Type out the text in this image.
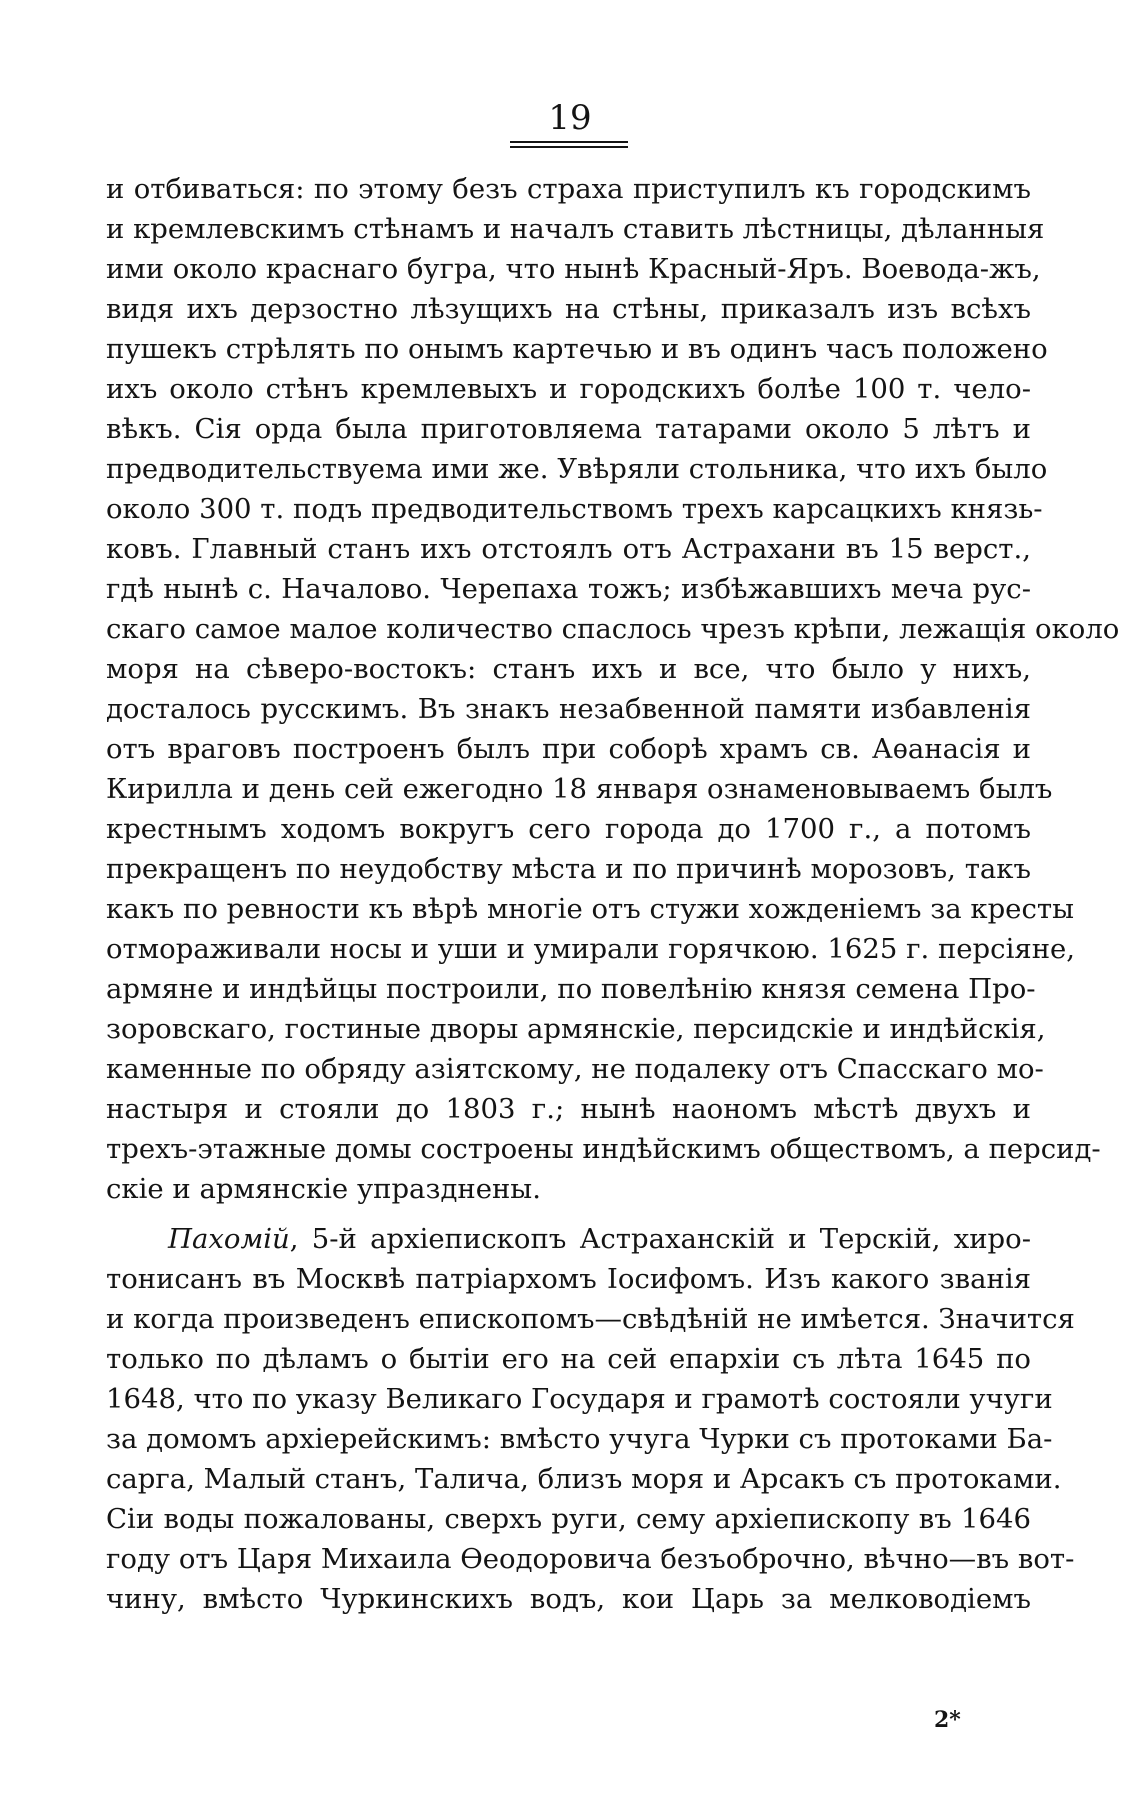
19
и отбиваться: по этому безъ страха приступилъ къ городскимъ
и кремлевскимъ стѣнамъ и началъ ставить лѣстницы, дѣланныя
ими около краснаго бугра, что нынѣ Красный-Яръ. Воевода-жъ,
видя ихъ дерзостно лѣзущихъ на стѣны, приказалъ изъ всѣхъ
пушекъ стрѣлять по онымъ картечью и въ одинъ часъ положено
ихъ около стѣнъ кремлевыхъ и городскихъ болѣе 100 т. чело-
вѣкъ. Сія орда была приготовляема татарами около 5 лѣтъ и
предводительствуема ими же. Увѣряли стольника, что ихъ было
около 300 т. подъ предводительствомъ трехъ карсацкихъ князь-
ковъ. Главный станъ ихъ отстоялъ отъ Астрахани въ 15 верст.,
гдѣ нынѣ с. Началово. Черепаха тожъ; избѣжавшихъ меча рус-
скаго самое малое количество спаслось чрезъ крѣпи, лежащія около
моря на сѣверо-востокъ: станъ ихъ и все, что было у нихъ,
досталось русскимъ. Въ знакъ незабвенной памяти избавленія
отъ враговъ построенъ былъ при соборѣ храмъ св. Аѳанасія и
Кирилла и день сей ежегодно 18 января ознаменовываемъ былъ
крестнымъ ходомъ вокругъ сего города до 1700 г., а потомъ
прекращенъ по неудобству мѣста и по причинѣ морозовъ, такъ
какъ по ревности къ вѣрѣ многіе отъ стужи хожденіемъ за кресты
отмораживали носы и уши и умирали горячкою. 1625 г. персіяне,
армяне и индѣйцы построили, по повелѣнію князя семена Про-
зоровскаго, гостиные дворы армянскіе, персидскіе и индѣйскія,
каменные по обряду азіятскому, не подалеку отъ Спасскаго мо-
настыря и стояли до 1803 г.; нынѣ наономъ мѣстѣ двухъ и
трехъ-этажные домы состроены индѣйскимъ обществомъ, а персид-
скіе и армянскіе упразднены.
Пахомій, 5-й архіепископъ Астраханскій и Терскій, хиро-
тонисанъ въ Москвѣ патріархомъ Іосифомъ. Изъ какого званія
и когда произведенъ епископомъ—свѣдѣній не имѣется. Значится
только по дѣламъ о бытіи его на сей епархіи съ лѣта 1645 по
1648, что по указу Великаго Государя и грамотѣ состояли учуги
за домомъ архіерейскимъ: вмѣсто учуга Чурки съ протоками Ба-
сарга, Малый станъ, Талича, близъ моря и Арсакъ съ протоками.
Сіи воды пожалованы, сверхъ руги, сему архіепископу въ 1646
году отъ Царя Михаила Ѳеодоровича безъоброчно, вѣчно—въ вот-
чину, вмѣсто Чуркинскихъ водъ, кои Царь за мелководіемъ
2*
